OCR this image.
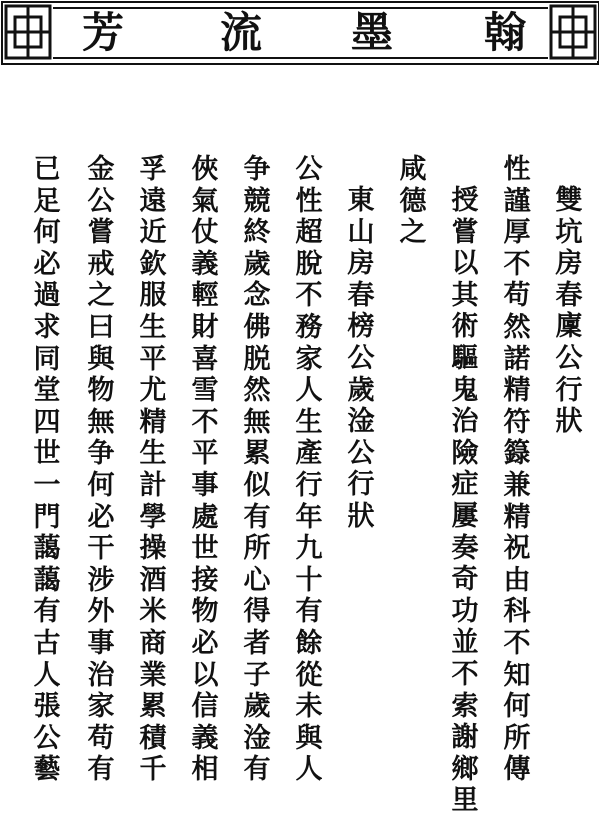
芳 流 墨 翰
雙
坑
房
春
廩
公
行
狀
性
謹
厚
不
苟
然
諾
精
符
籙
兼
精
祝
由
科
不
知
何
所
傳
授
嘗
以
其
術
驅
鬼
治
險
症
屢
奏
奇
功
並
不
索
謝
鄉
里
咸
德
之
東
山
房
春
榜
公
歲
淦
公
行
狀
公
性
超
脫
不
務
家
人
生
產
行
年
九
十
有
餘
從
未
與
人
争
競
終
歲
念
佛
脱
然
無
累
似
有
所
心
得
者
子
歲
淦
有
俠
氣
仗
義
輕
財
喜
雪
不
平
事
處
世
接
物
必
以
信
義
相
孚
遠
近
欽
服
生
平
尤
精
生
計
學
操
酒
米
商
業
累
積
千
金
公
嘗
戒
之
曰
與
物
無
争
何
必
干
涉
外
事
治
家
苟
有
已
足
何
必
過
求
同
堂
四
世
一
門
藹
藹
有
古
人
張
公
藝
